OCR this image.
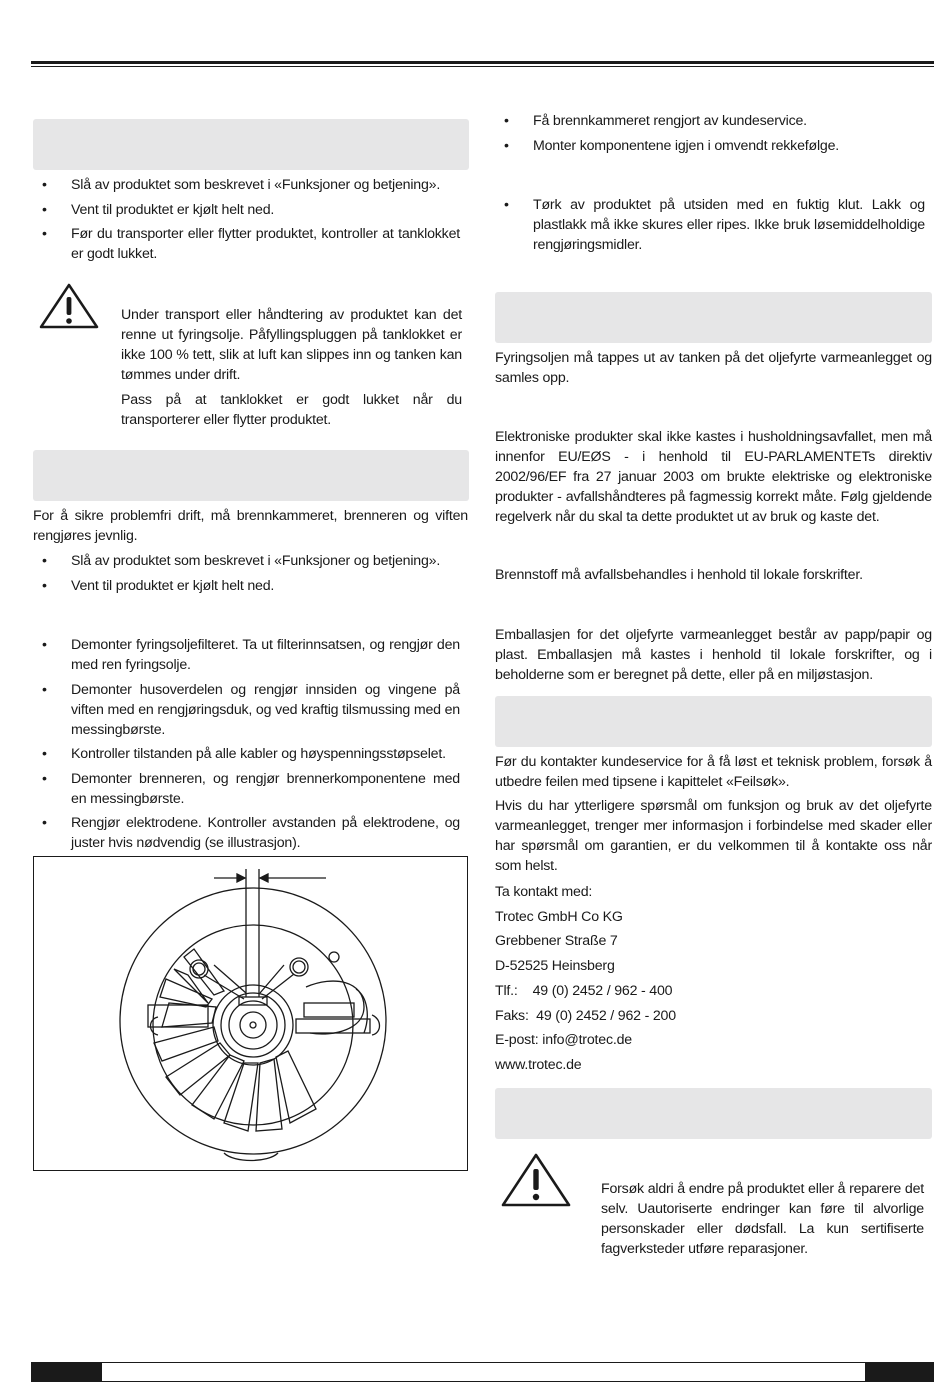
• Slå av produktet som beskrevet i «Funksjoner og betjening».
• Vent til produktet er kjølt helt ned.
• Før du transporter eller flytter produktet, kontroller at tanklokket er godt lukket.

Under transport eller håndtering av produktet kan det renne ut fyringsolje. Påfyllingspluggen på tanklokket er ikke 100 % tett, slik at luft kan slippes inn og tanken kan tømmes under drift.

Pass på at tanklokket er godt lukket når du transporterer eller flytter produktet.

For å sikre problemfri drift, må brennkammeret, brenneren og viften rengjøres jevnlig.
• Slå av produktet som beskrevet i «Funksjoner og betjening».
• Vent til produktet er kjølt helt ned.
• Demonter fyringsoljefilteret. Ta ut filterinnsatsen, og rengjør den med ren fyringsolje.
• Demonter husoverdelen og rengjør innsiden og vingene på viften med en rengjøringsduk, og ved kraftig tilsmussing med en messingbørste.
• Kontroller tilstanden på alle kabler og høyspenningsstøpselet.
• Demonter brenneren, og rengjør brennerkomponentene med en messingbørste.
• Rengjør elektrodene. Kontroller avstanden på elektrodene, og juster hvis nødvendig (se illustrasjon).
• Få brennkammeret rengjort av kundeservice.
• Monter komponentene igjen i omvendt rekkefølge.
• Tørk av produktet på utsiden med en fuktig klut. Lakk og plastlakk må ikke skures eller ripes. Ikke bruk løsemiddelholdige rengjøringsmidler.
Fyringsoljen må tappes ut av tanken på det oljefyrte varmeanlegget og samles opp.
Elektroniske produkter skal ikke kastes i husholdningsavfallet, men må innenfor EU/EØS - i henhold til EU-PARLAMENTETs direktiv 2002/96/EF fra 27 januar 2003 om brukte elektriske og elektroniske produkter - avfallshåndteres på fagmessig korrekt måte. Følg gjeldende regelverk når du skal ta dette produktet ut av bruk og kaste det.
Brennstoff må avfallsbehandles i henhold til lokale forskrifter.
Emballasjen for det oljefyrte varmeanlegget består av papp/papir og plast. Emballasjen må kastes i henhold til lokale forskrifter, og i beholderne som er beregnet på dette, eller på en miljøstasjon.
Før du kontakter kundeservice for å få løst et teknisk problem, forsøk å utbedre feilen med tipsene i kapittelet «Feilsøk».
Hvis du har ytterligere spørsmål om funksjon og bruk av det oljefyrte varmeanlegget, trenger mer informasjon i forbindelse med skader eller har spørsmål om garantien, er du velkommen til å kontakte oss når som helst.
Ta kontakt med:
Trotec GmbH Co KG
Grebbener Straße 7
D-52525 Heinsberg
Tlf.:    49 (0) 2452 / 962 - 400
Faks:  49 (0) 2452 / 962 - 200
E-post: info@trotec.de
www.trotec.de
Forsøk aldri å endre på produktet eller å reparere det selv. Uautoriserte endringer kan føre til alvorlige personskader eller dødsfall. La kun sertifiserte fagverksteder utføre reparasjoner.
